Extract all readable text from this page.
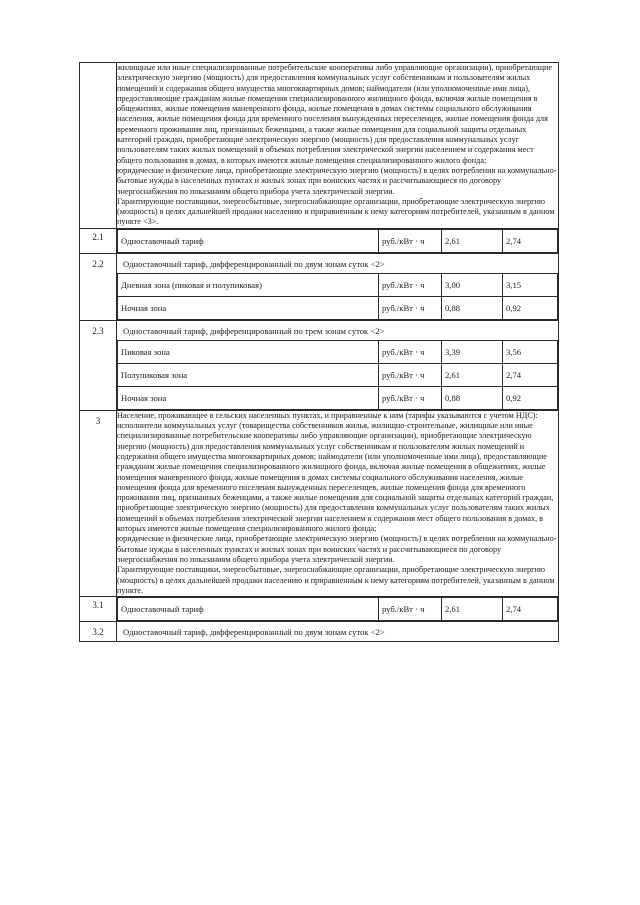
жилищные или иные специализированные потребительские кооперативы либо управляющие организации), приобретающие электрическую энергию (мощность) для предоставления коммунальных услуг собственникам и пользователям жилых помещений и содержания общего имущества многоквартирных домов; наймодатели (или уполномоченные ими лица), предоставляющие гражданам жилые помещения специализированного жилищного фонда, включая жилые помещения в общежитиях, жилые помещения маневренного фонда, жилые помещения в домах системы социального обслуживания населения, жилые помещения фонда для временного поселения вынужденных переселенцев, жилые помещения фонда для временного проживания лиц, признанных беженцами, а также жилые помещения для социальной защиты отдельных категорий граждан, приобретающие электрическую энергию (мощность) для предоставления коммунальных услуг пользователям таких жилых помещений в объемах потребления электрической энергии населением и содержания мест общего пользования в домах, в которых имеются жилые помещения специализированного жилого фонда;

юридические и физические лица, приобретающие электрическую энергию (мощность) в целях потребления на коммунально-бытовые нужды в населенных пунктах и жилых зонах при воинских частях и рассчитывающиеся по договору энергоснабжения по показаниям общего прибора учета электрической энергии.

Гарантирующие поставщики, энергосбытовые, энергоснабжающие организации, приобретающие электрическую энергию (мощность) в целях дальнейшей продажи населению и приравненным к нему категориям потребителей, указанным в данном пункте <3>.

2.1	Одноставочный тариф	руб./кВт · ч	2,61	2,74

2.2	Одноставочный тариф, дифференцированный по двум зонам суток <2>
Дневная зона (пиковая и полупиковая)	руб./кВт · ч	3,00	3,15
Ночная зона	руб./кВт · ч	0,88	0,92

2.3	Одноставочный тариф, дифференцированный по трем зонам суток <2>
Пиковая зона	руб./кВт · ч	3,39	3,56
Полупиковая зона	руб./кВт · ч	2,61	2,74
Ночная зона	руб./кВт · ч	0,88	0,92

3	

Население, проживающее в сельских населенных пунктах, и приравненные к ним (тарифы указываются с учетом НДС):

исполнители коммунальных услуг (товарищества собственников жилья, жилищно-строительные, жилищные или иные специализированные потребительские кооперативы либо управляющие организации), приобретающие электрическую энергию (мощность) для предоставления коммунальных услуг собственникам и пользователям жилых помещений и содержания общего имущества многоквартирных домов; наймодатели (или уполномоченные ими лица), предоставляющие гражданам жилые помещения специализированного жилищного фонда, включая жилые помещения в общежитиях, жилые помещения маневренного фонда, жилые помещения в домах системы социального обслуживания населения, жилые помещения фонда для временного поселения вынужденных переселенцев, жилые помещения фонда для временного проживания лиц, признанных беженцами, а также жилые помещения для социальной защиты отдельных категорий граждан, приобретающие электрическую энергию (мощность) для предоставления коммунальных услуг пользователям таких жилых помещений в объемах потребления электрической энергии населением и содержания мест общего пользования в домах, в которых имеются жилые помещения специализированного жилого фонда;

юридические и физические лица, приобретающие электрическую энергию (мощность) в целях потребления на коммунально-бытовые нужды в населенных пунктах и жилых зонах при воинских частях и рассчитывающиеся по договору энергоснабжения по показаниям общего прибора учета электрической энергии.

Гарантирующие поставщики, энергосбытовые, энергоснабжающие организации, приобретающие электрическую энергию (мощность) в целях дальнейшей продажи населению и приравненным к нему категориям потребителей, указанным в данном пункте.

3.1	Одноставочный тариф	руб./кВт · ч	2,61	2,74

3.2	Одноставочный тариф, дифференцированный по двум зонам суток <2>
